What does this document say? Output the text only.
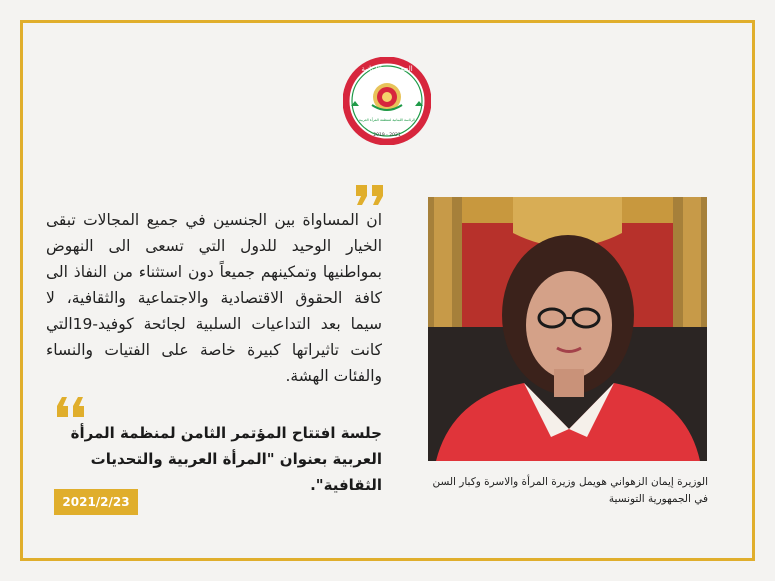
الجمهورية اللبنانية
الرئاسة اللبنانية لمنظمة المرأة العربية
2019 - 2021
ان المساواة بين الجنسين في جميع المجالات تبقى الخيار الوحيد للدول التي تسعى الى النهوض بمواطنيها وتمكينهم جميعاً دون استثناء من النفاذ الى كافة الحقوق الاقتصادية والاجتماعية والثقافية، لا سيما بعد التداعيات السلبية لجائحة كوفيد-19التي كانت تاثيراتها كبيرة خاصة على الفتيات والنساء والفئات الهشة.
جلسة افتتاح المؤتمر الثامن لمنظمة المرأة العربية بعنوان "المرأة العربية والتحديات الثقافية".
2021/2/23
الوزيرة إيمان الزهواني هويمل وزيرة المرأة والاسرة وكبار السن في الجمهورية التونسية
